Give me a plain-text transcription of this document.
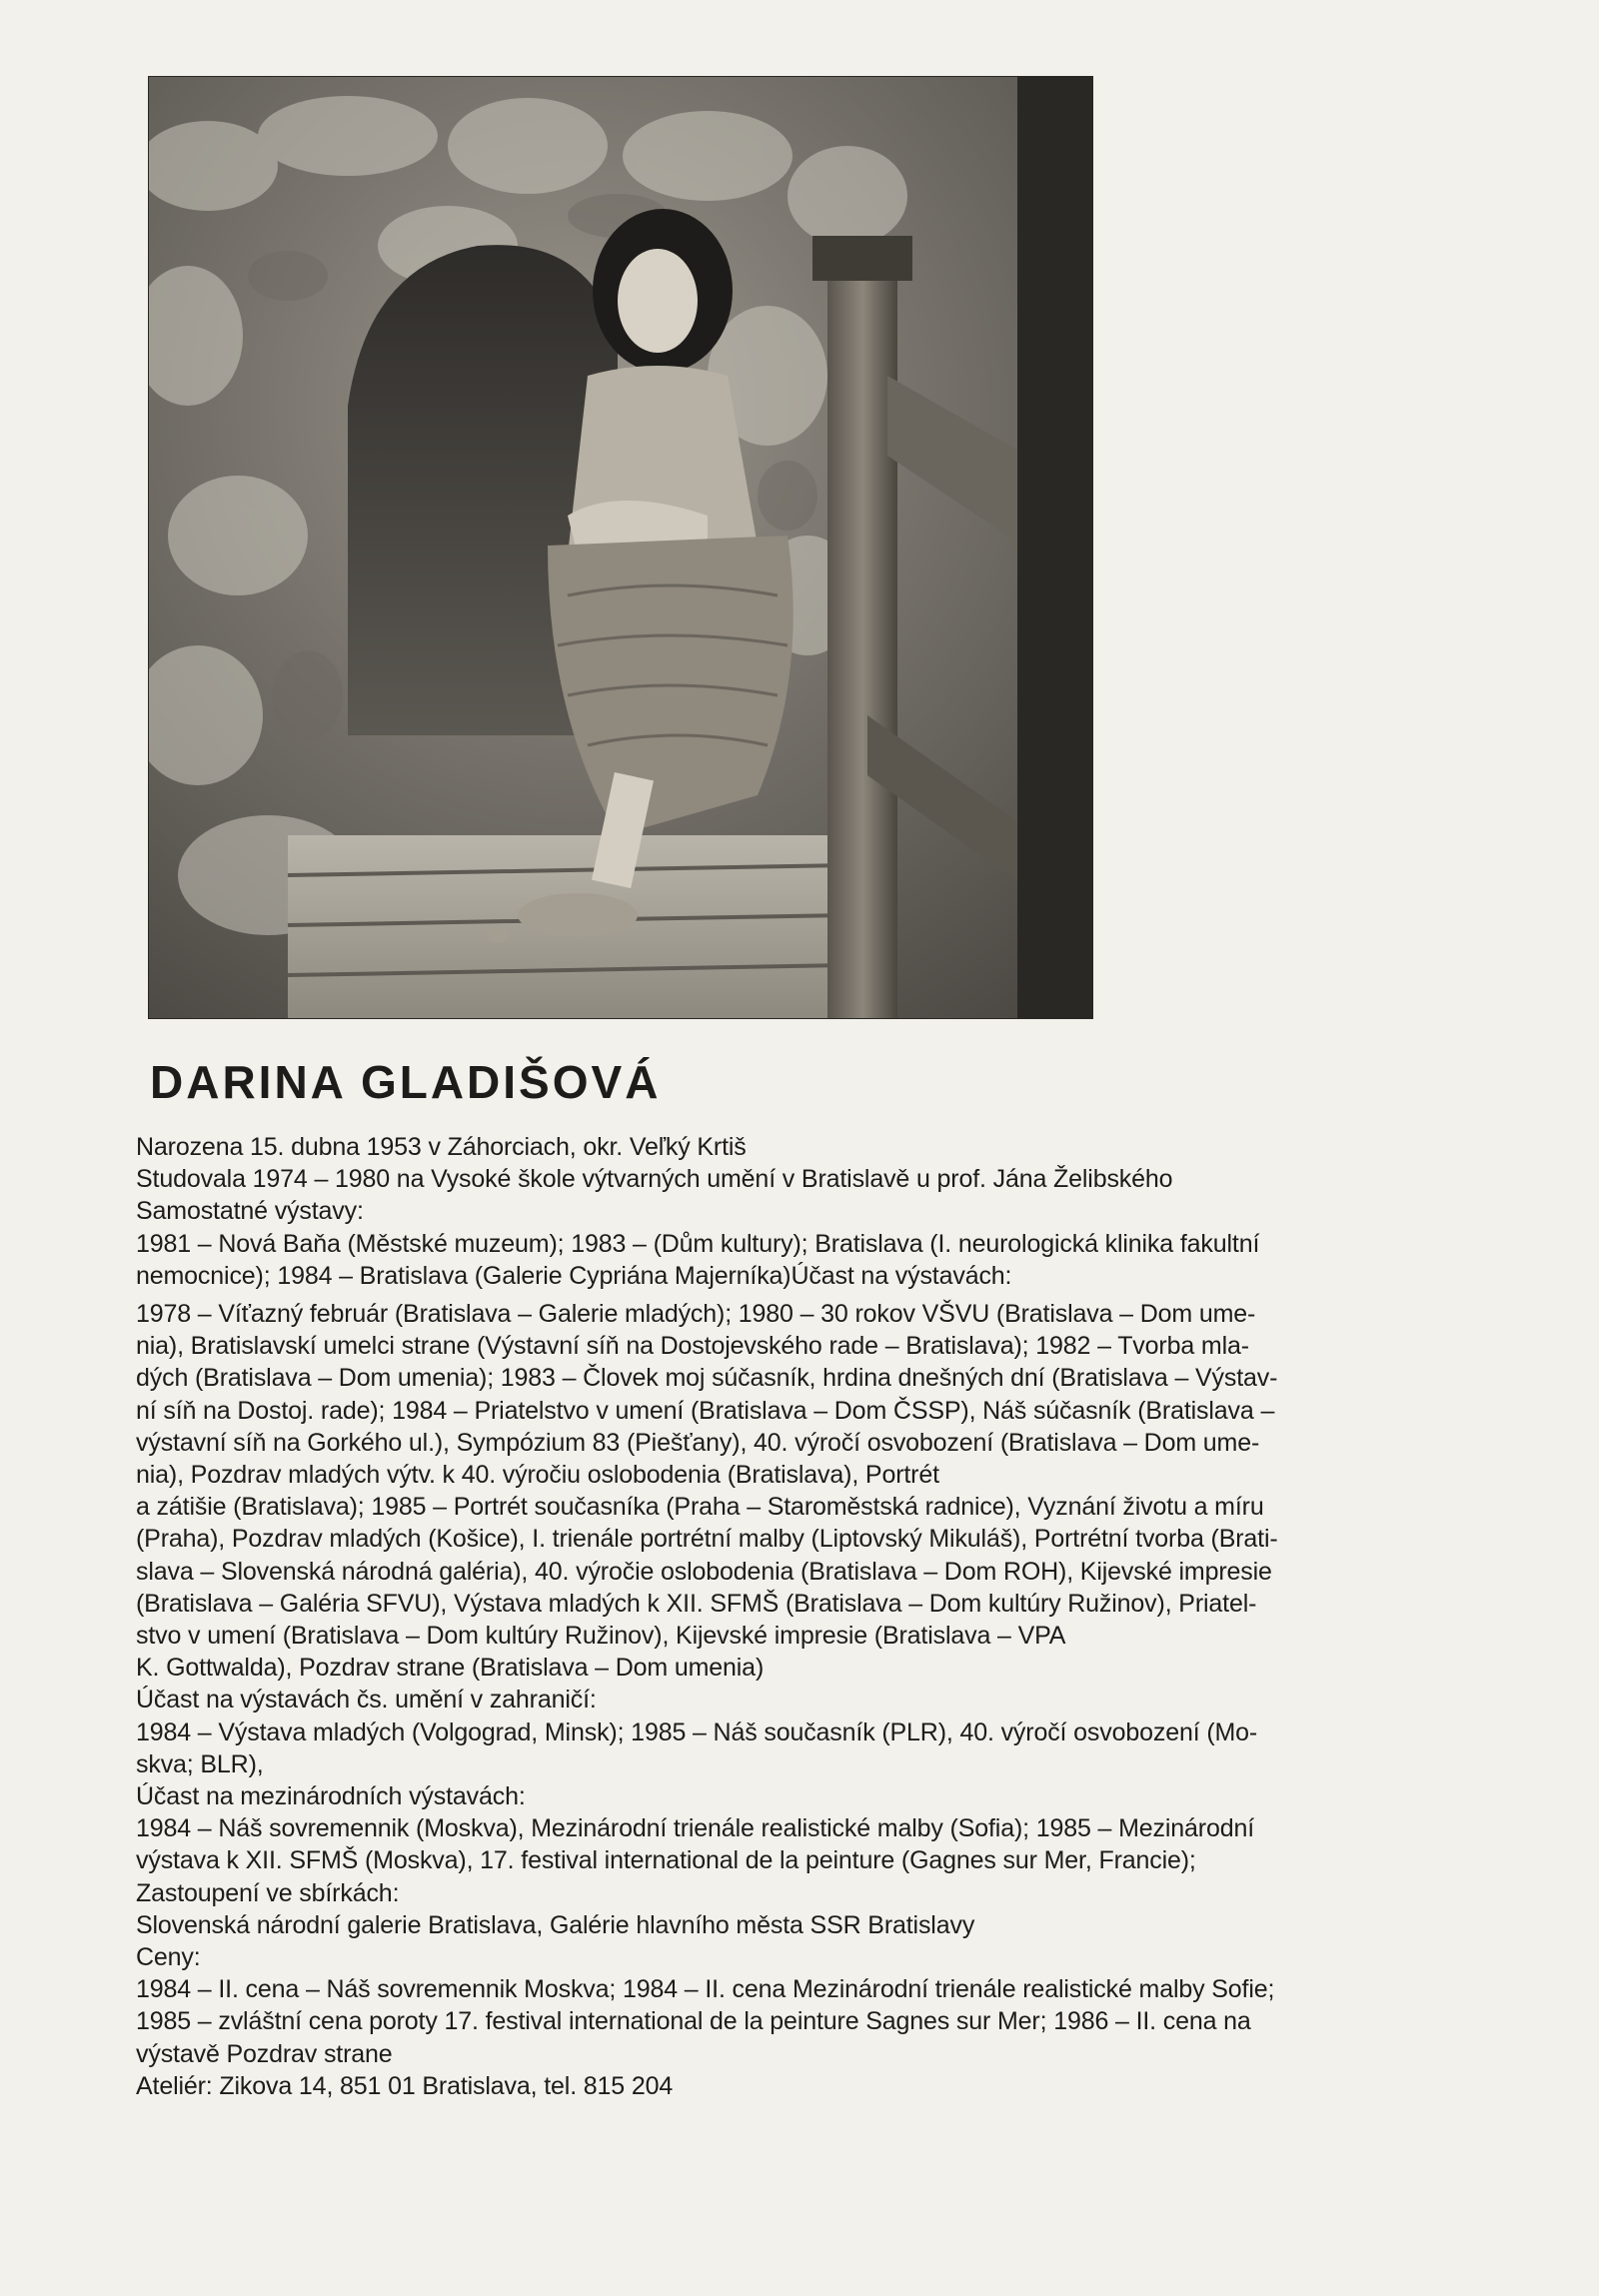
DARINA GLADIŠOVÁ
Narozena 15. dubna 1953 v Záhorciach, okr. Veľký Krtiš
Studovala 1974 – 1980 na Vysoké škole výtvarných umění v Bratislavě u prof. Jána Želibského
Samostatné výstavy:
1981 – Nová Baňa (Městské muzeum); 1983 – (Dům kultury); Bratislava (I. neurologická klinika fakultní
nemocnice); 1984 – Bratislava (Galerie Cypriána Majerníka)Účast na výstavách:
1978 – Víťazný február (Bratislava – Galerie mladých); 1980 – 30 rokov VŠVU (Bratislava – Dom ume-
nia), Bratislavskí umelci strane (Výstavní síň na Dostojevského rade – Bratislava); 1982 – Tvorba mla-
dých (Bratislava – Dom umenia); 1983 – Človek moj súčasník, hrdina dnešných dní (Bratislava – Výstav-
ní síň na Dostoj. rade); 1984 – Priatelstvo v umení (Bratislava – Dom ČSSP), Náš súčasník (Bratislava –
výstavní síň na Gorkého ul.), Sympózium 83 (Piešťany), 40. výročí osvobození (Bratislava – Dom ume-
nia), Pozdrav mladých výtv. k 40. výročiu oslobodenia (Bratislava), Portrét
a zátišie (Bratislava); 1985 – Portrét současníka (Praha – Staroměstská radnice), Vyznání životu a míru
(Praha), Pozdrav mladých (Košice), I. trienále portrétní malby (Liptovský Mikuláš), Portrétní tvorba (Brati-
slava – Slovenská národná galéria), 40. výročie oslobodenia (Bratislava – Dom ROH), Kijevské impresie
(Bratislava – Galéria SFVU), Výstava mladých k XII. SFMŠ (Bratislava – Dom kultúry Ružinov), Priatel-
stvo v umení (Bratislava – Dom kultúry Ružinov), Kijevské impresie (Bratislava – VPA
K. Gottwalda), Pozdrav strane (Bratislava – Dom umenia)
Účast na výstavách čs. umění v zahraničí:
1984 – Výstava mladých (Volgograd, Minsk); 1985 – Náš současník (PLR), 40. výročí osvobození (Mo-
skva; BLR),
Účast na mezinárodních výstavách:
1984 – Náš sovremennik (Moskva), Mezinárodní trienále realistické malby (Sofia); 1985 – Mezinárodní
výstava k XII. SFMŠ (Moskva), 17. festival international de la peinture (Gagnes sur Mer, Francie);
Zastoupení ve sbírkách:
Slovenská národní galerie Bratislava, Galérie hlavního města SSR Bratislavy
Ceny:
1984 – II. cena – Náš sovremennik Moskva; 1984 – II. cena Mezinárodní trienále realistické malby Sofie;
1985 – zvláštní cena poroty 17. festival international de la peinture Sagnes sur Mer; 1986 – II. cena na
výstavě Pozdrav strane
Ateliér: Zikova 14, 851 01 Bratislava, tel. 815 204
